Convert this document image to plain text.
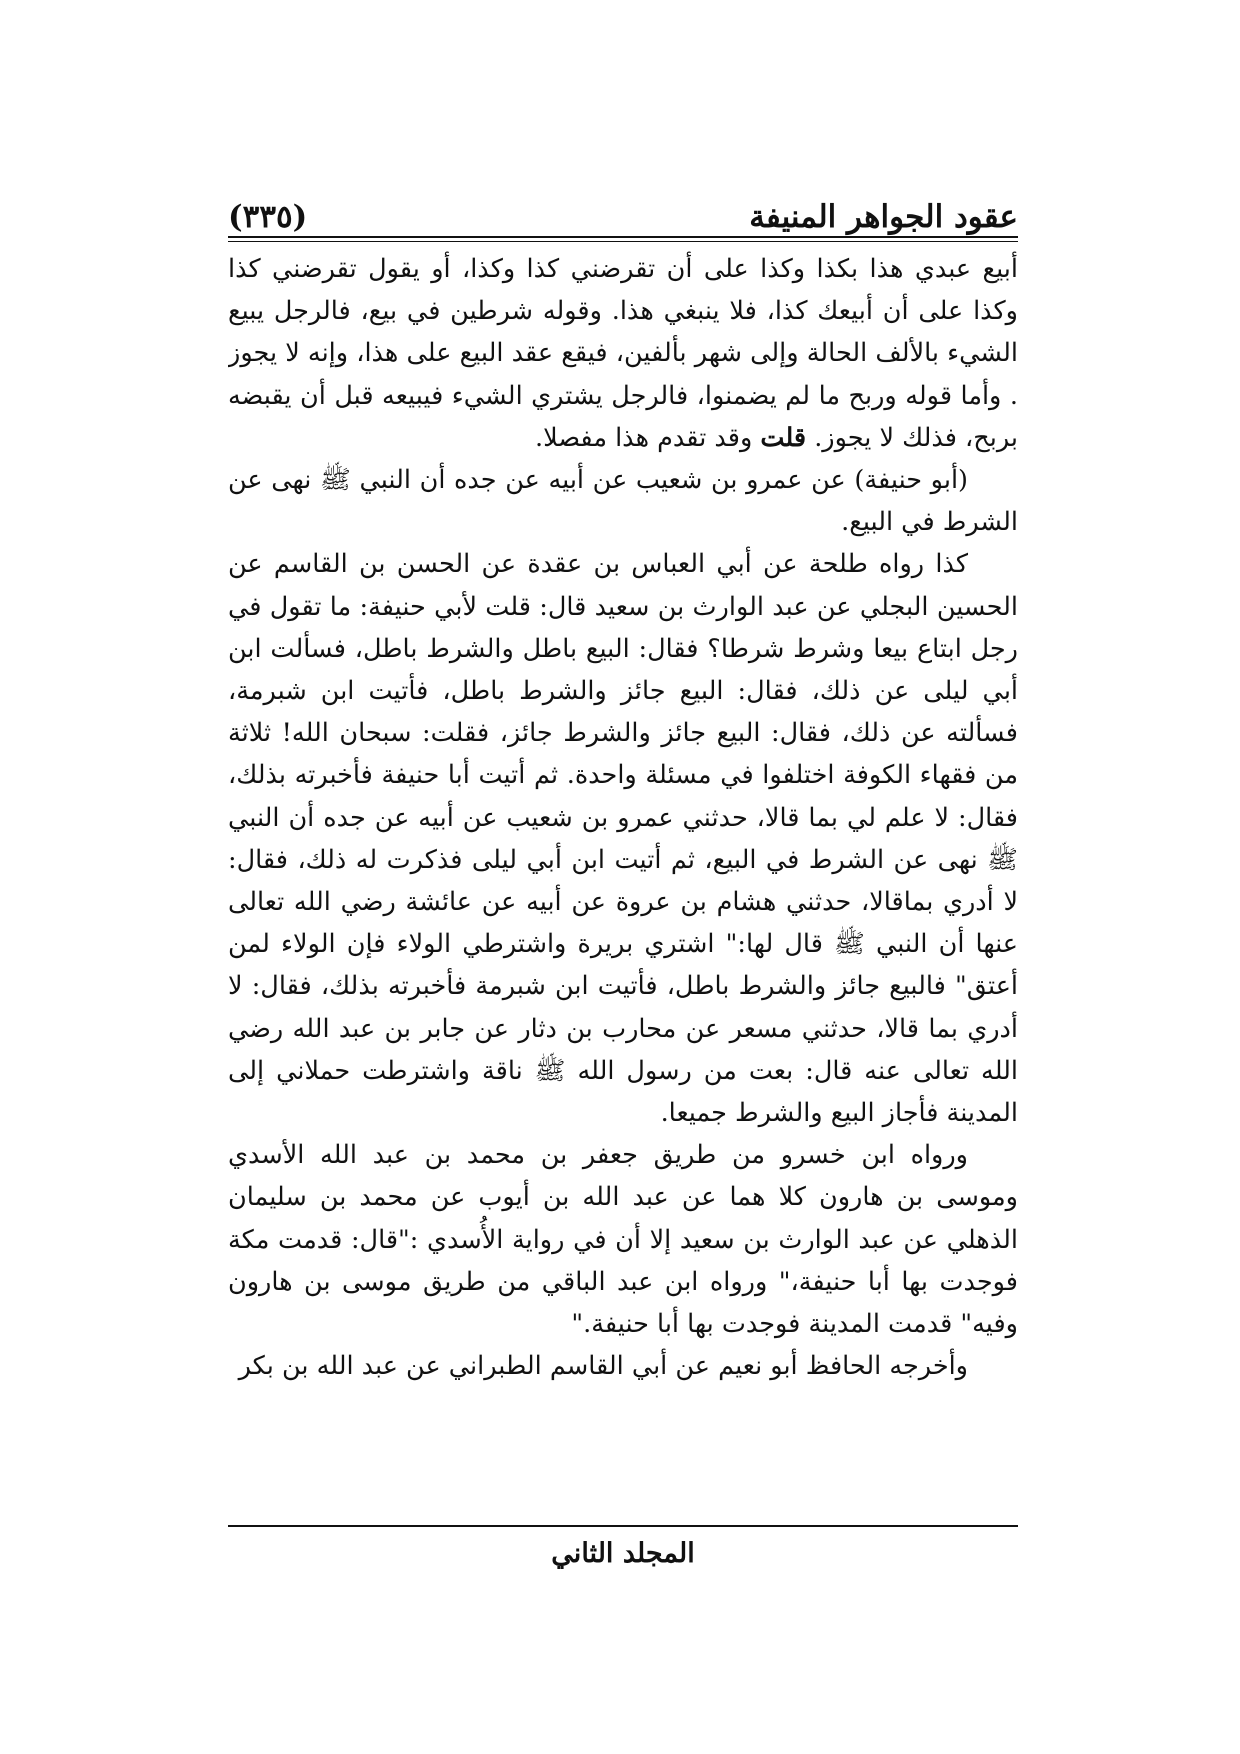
عقود الجواهر المنيفة
(٣٣٥)

أبيع عبدي هذا بكذا وكذا على أن تقرضني كذا وكذا، أو يقول تقرضني كذا وكذا على أن أبيعك كذا، فلا ينبغي هذا. وقوله شرطين في بيع، فالرجل يبيع الشيء بالألف الحالة وإلى شهر بألفين، فيقع عقد البيع على هذا، وإنه لا يجوز . وأما قوله وربح ما لم يضمنوا، فالرجل يشتري الشيء فيبيعه قبل أن يقبضه بربح، فذلك لا يجوز. قلت وقد تقدم هذا مفصلا.

(أبو حنيفة) عن عمرو بن شعيب عن أبيه عن جده أن النبي ﷺ نهى عن الشرط في البيع.

كذا رواه طلحة عن أبي العباس بن عقدة عن الحسن بن القاسم عن الحسين البجلي عن عبد الوارث بن سعيد قال: قلت لأبي حنيفة: ما تقول في رجل ابتاع بيعا وشرط شرطا؟ فقال: البيع باطل والشرط باطل، فسألت ابن أبي ليلى عن ذلك، فقال: البيع جائز والشرط باطل، فأتيت ابن شبرمة، فسألته عن ذلك، فقال: البيع جائز والشرط جائز، فقلت: سبحان الله! ثلاثة من فقهاء الكوفة اختلفوا في مسئلة واحدة. ثم أتيت أبا حنيفة فأخبرته بذلك، فقال: لا علم لي بما قالا، حدثني عمرو بن شعيب عن أبيه عن جده أن النبي ﷺ نهى عن الشرط في البيع، ثم أتيت ابن أبي ليلى فذكرت له ذلك، فقال: لا أدري بماقالا، حدثني هشام بن عروة عن أبيه عن عائشة رضي الله تعالى عنها أن النبي ﷺ قال لها:" اشتري بريرة واشترطي الولاء فإن الولاء لمن أعتق" فالبيع جائز والشرط باطل، فأتيت ابن شبرمة فأخبرته بذلك، فقال: لا أدري بما قالا، حدثني مسعر عن محارب بن دثار عن جابر بن عبد الله رضي الله تعالى عنه قال: بعت من رسول الله ﷺ ناقة واشترطت حملاني إلى المدينة فأجاز البيع والشرط جميعا.

ورواه ابن خسرو من طريق جعفر بن محمد بن عبد الله الأسدي وموسى بن هارون كلا هما عن عبد الله بن أيوب عن محمد بن سليمان الذهلي عن عبد الوارث بن سعيد إلا أن في رواية الأُسدي :"قال: قدمت مكة فوجدت بها أبا حنيفة،" ورواه ابن عبد الباقي من طريق موسى بن هارون وفيه" قدمت المدينة فوجدت بها أبا حنيفة."

وأخرجه الحافظ أبو نعيم عن أبي القاسم الطبراني عن عبد الله بن بكر

المجلد الثاني
